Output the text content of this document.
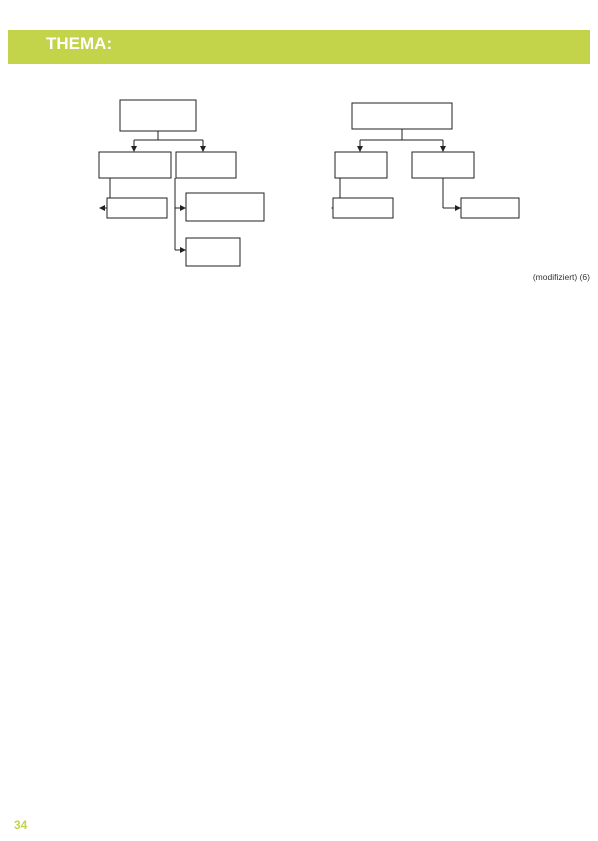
THEMA:
(modifiziert) (6)
34
